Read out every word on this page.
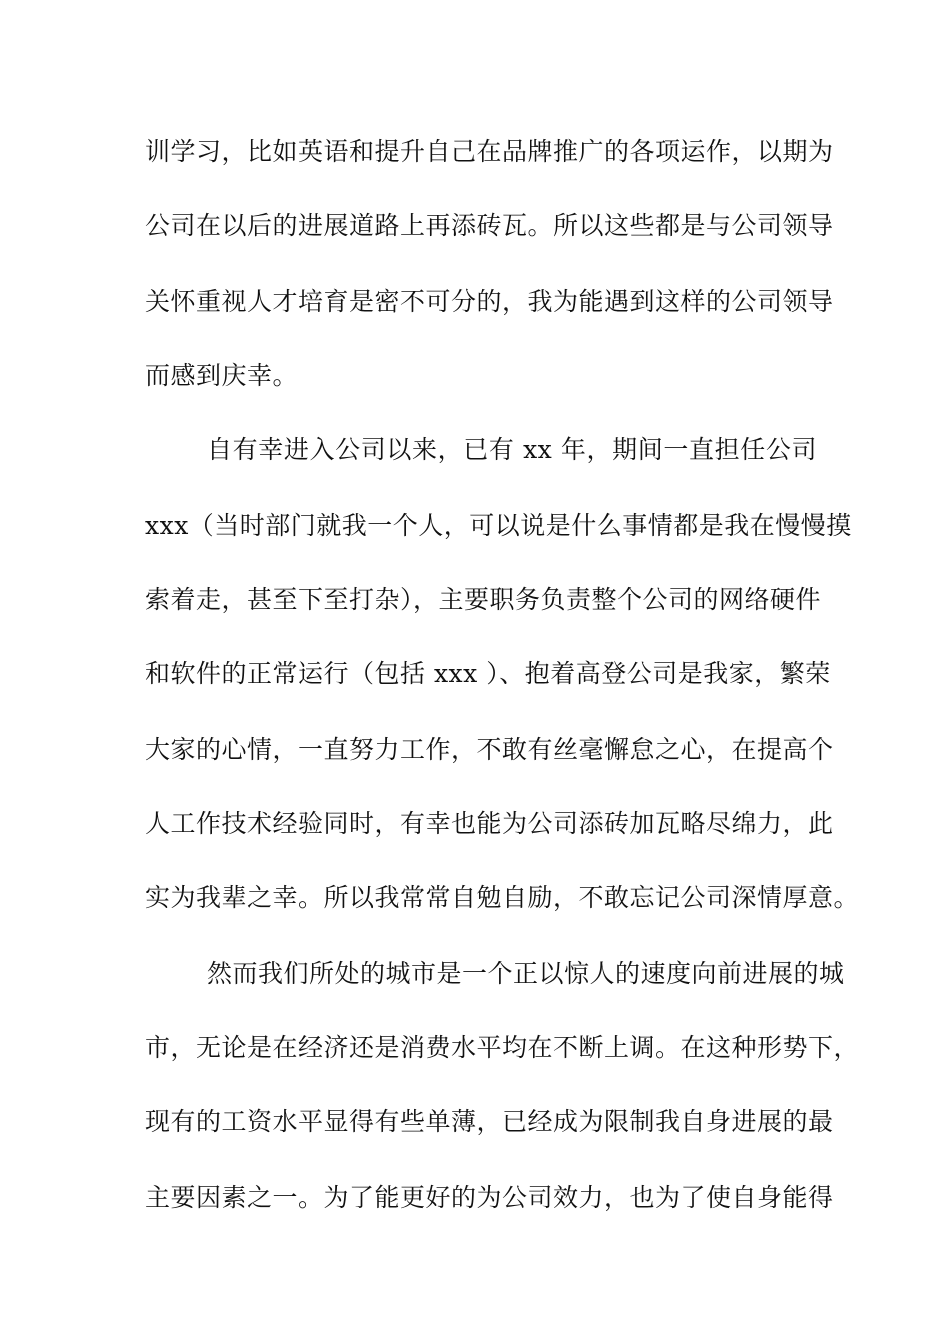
训学习，比如英语和提升自己在品牌推广的各项运作，以期为
公司在以后的进展道路上再添砖瓦。所以这些都是与公司领导
关怀重视人才培育是密不可分的，我为能遇到这样的公司领导
而感到庆幸。
自有幸进入公司以来，已有 xx 年，期间一直担任公司
xxx（当时部门就我一个人，可以说是什么事情都是我在慢慢摸
索着走，甚至下至打杂），主要职务负责整个公司的网络硬件
和软件的正常运行（包括 xxx ）、抱着高登公司是我家，繁荣
大家的心情，一直努力工作，不敢有丝毫懈怠之心，在提高个
人工作技术经验同时，有幸也能为公司添砖加瓦略尽绵力，此
实为我辈之幸。所以我常常自勉自励，不敢忘记公司深情厚意。
然而我们所处的城市是一个正以惊人的速度向前进展的城
市，无论是在经济还是消费水平均在不断上调。在这种形势下，
现有的工资水平显得有些单薄，已经成为限制我自身进展的最
主要因素之一。为了能更好的为公司效力，也为了使自身能得
